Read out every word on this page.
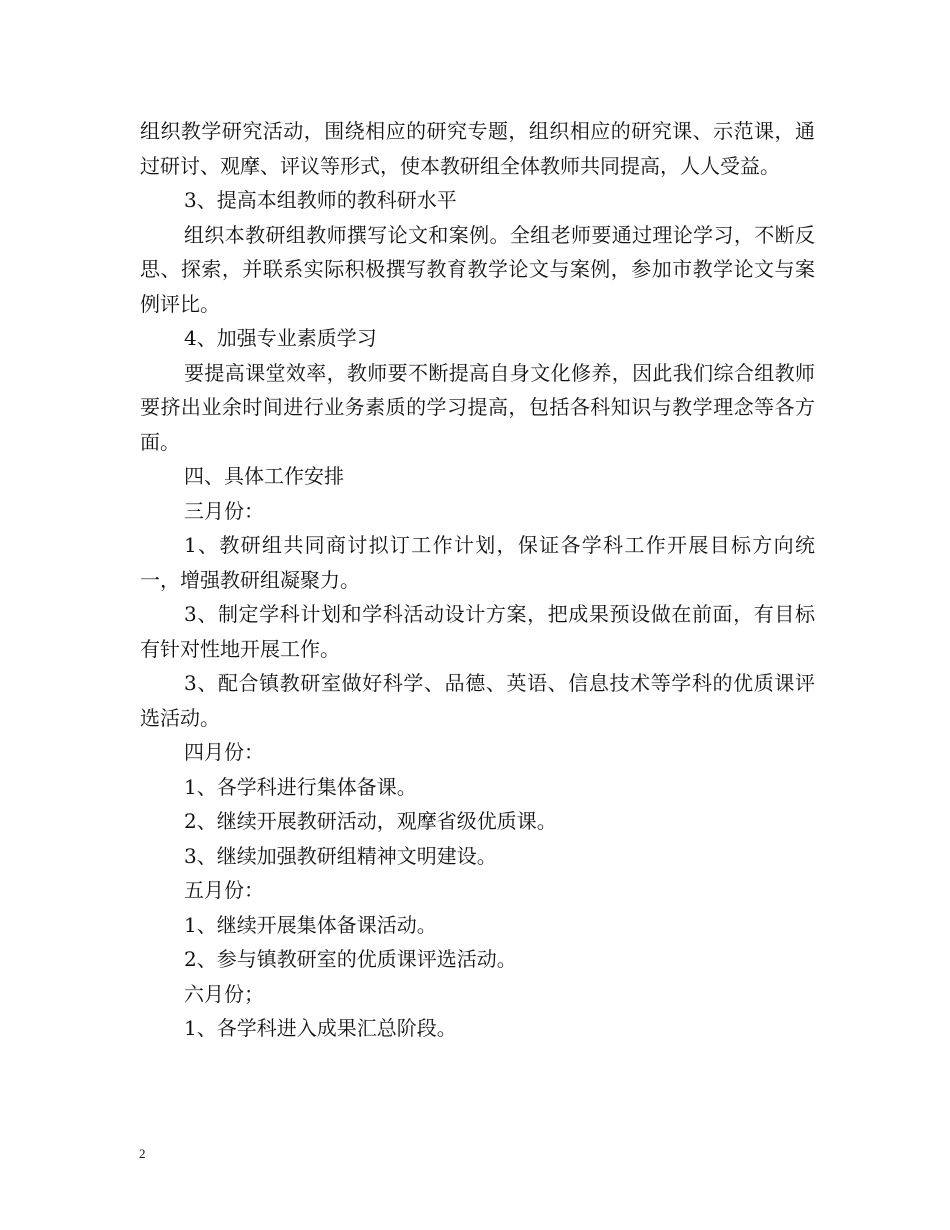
组织教学研究活动，围绕相应的研究专题，组织相应的研究课、示范课，通过研讨、观摩、评议等形式，使本教研组全体教师共同提高，人人受益。

3、提高本组教师的教科研水平

组织本教研组教师撰写论文和案例。全组老师要通过理论学习，不断反思、探索，并联系实际积极撰写教育教学论文与案例，参加市教学论文与案例评比。

4、加强专业素质学习

要提高课堂效率，教师要不断提高自身文化修养，因此我们综合组教师要挤出业余时间进行业务素质的学习提高，包括各科知识与教学理念等各方面。

四、具体工作安排

三月份：

1、教研组共同商讨拟订工作计划，保证各学科工作开展目标方向统一，增强教研组凝聚力。

3、制定学科计划和学科活动设计方案，把成果预设做在前面，有目标有针对性地开展工作。

3、配合镇教研室做好科学、品德、英语、信息技术等学科的优质课评选活动。

四月份：

1、各学科进行集体备课。

2、继续开展教研活动，观摩省级优质课。

3、继续加强教研组精神文明建设。

五月份：

1、继续开展集体备课活动。

2、参与镇教研室的优质课评选活动。

六月份；

1、各学科进入成果汇总阶段。

2
